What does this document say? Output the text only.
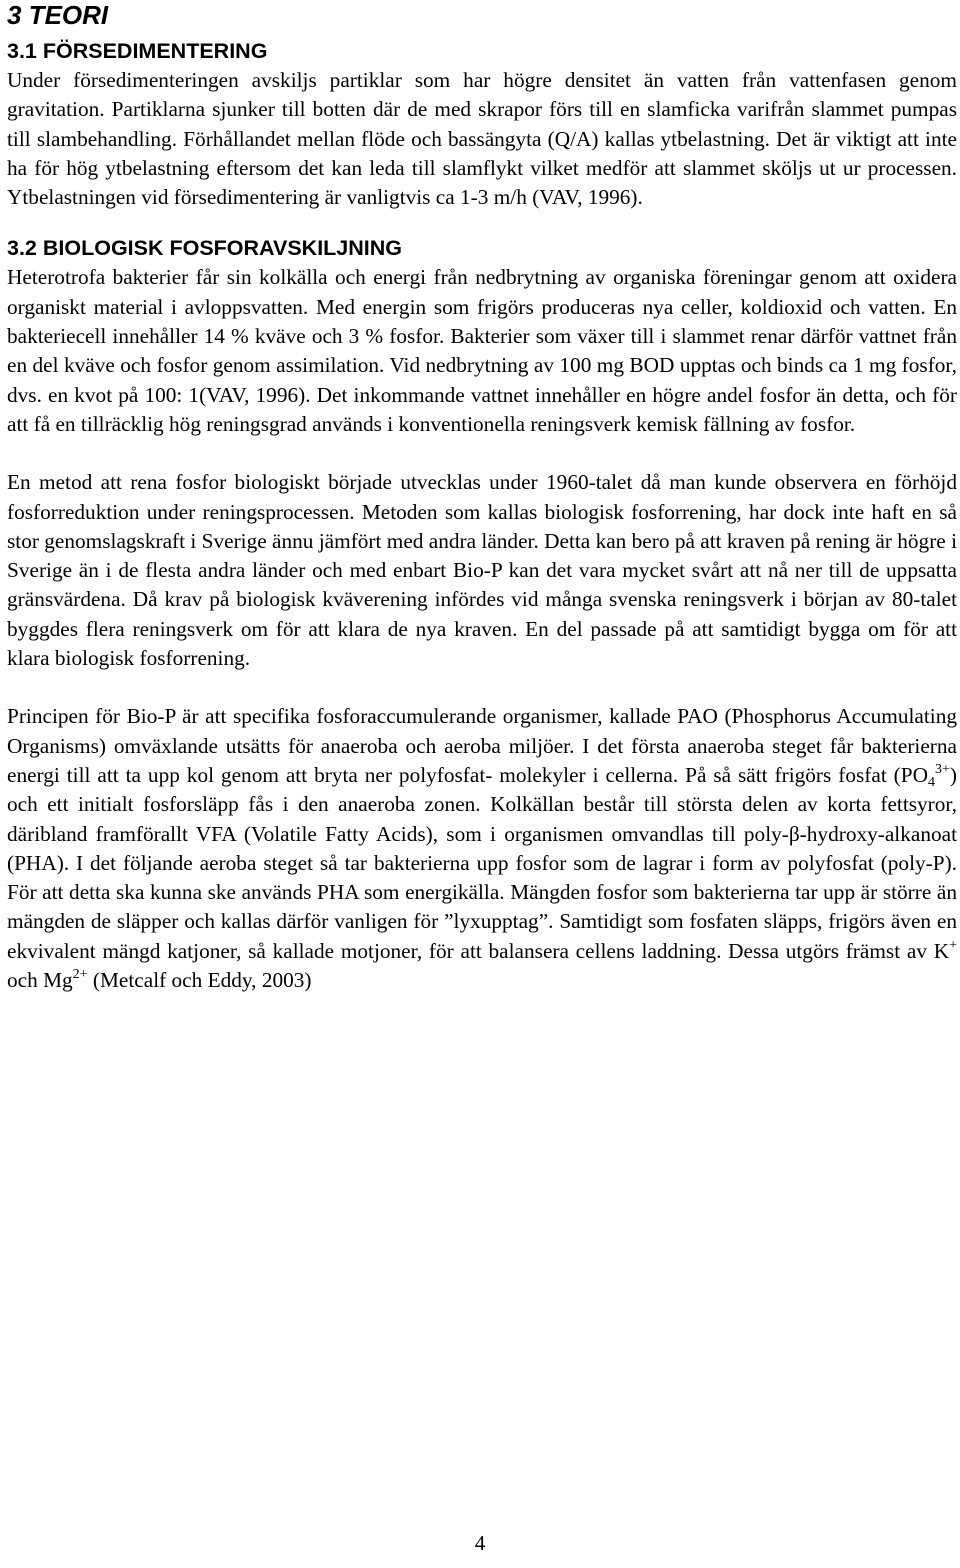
3 TEORI
3.1 FÖRSEDIMENTERING

Under försedimenteringen avskiljs partiklar som har högre densitet än vatten från vattenfasen genom gravitation. Partiklarna sjunker till botten där de med skrapor förs till en slamficka varifrån slammet pumpas till slambehandling. Förhållandet mellan flöde och bassängyta (Q/A) kallas ytbelastning. Det är viktigt att inte ha för hög ytbelastning eftersom det kan leda till slamflykt vilket medför att slammet sköljs ut ur processen. Ytbelastningen vid försedimentering är vanligtvis ca 1-3 m/h (VAV, 1996).

3.2 BIOLOGISK FOSFORAVSKILJNING

Heterotrofa bakterier får sin kolkälla och energi från nedbrytning av organiska föreningar genom att oxidera organiskt material i avloppsvatten. Med energin som frigörs produceras nya celler, koldioxid och vatten. En bakteriecell innehåller 14 % kväve och 3 % fosfor. Bakterier som växer till i slammet renar därför vattnet från en del kväve och fosfor genom assimilation. Vid nedbrytning av 100 mg BOD upptas och binds ca 1 mg fosfor, dvs. en kvot på 100: 1(VAV, 1996). Det inkommande vattnet innehåller en högre andel fosfor än detta, och för att få en tillräcklig hög reningsgrad används i konventionella reningsverk kemisk fällning av fosfor.

En metod att rena fosfor biologiskt började utvecklas under 1960-talet då man kunde observera en förhöjd fosforreduktion under reningsprocessen. Metoden som kallas biologisk fosforrening, har dock inte haft en så stor genomslagskraft i Sverige ännu jämfört med andra länder. Detta kan bero på att kraven på rening är högre i Sverige än i de flesta andra länder och med enbart Bio-P kan det vara mycket svårt att nå ner till de uppsatta gränsvärdena. Då krav på biologisk kväverening infördes vid många svenska reningsverk i början av 80-talet byggdes flera reningsverk om för att klara de nya kraven. En del passade på att samtidigt bygga om för att klara biologisk fosforrening.

Principen för Bio-P är att specifika fosforaccumulerande organismer, kallade PAO (Phosphorus Accumulating Organisms) omväxlande utsätts för anaeroba och aeroba miljöer. I det första anaeroba steget får bakterierna energi till att ta upp kol genom att bryta ner polyfosfat- molekyler i cellerna. På så sätt frigörs fosfat $(PO_4^{3+})$ och ett initialt fosforsläpp fås i den anaeroba zonen. Kolkällan består till största delen av korta fettsyror, däribland framförallt VFA (Volatile Fatty Acids), som i organismen omvandlas till poly-β-hydroxy-alkanoat (PHA). I det följande aeroba steget så tar bakterierna upp fosfor som de lagrar i form av polyfosfat (poly-P). För att detta ska kunna ske används PHA som energikälla. Mängden fosfor som bakterierna tar upp är större än mängden de släpper och kallas därför vanligen för ”lyxupptag”. Samtidigt som fosfaten släpps, frigörs även en ekvivalent mängd katjoner, så kallade motjoner, för att balansera cellens laddning. Dessa utgörs främst av K+ och $Mg^{2+}$ (Metcalf och Eddy, 2003)

4
